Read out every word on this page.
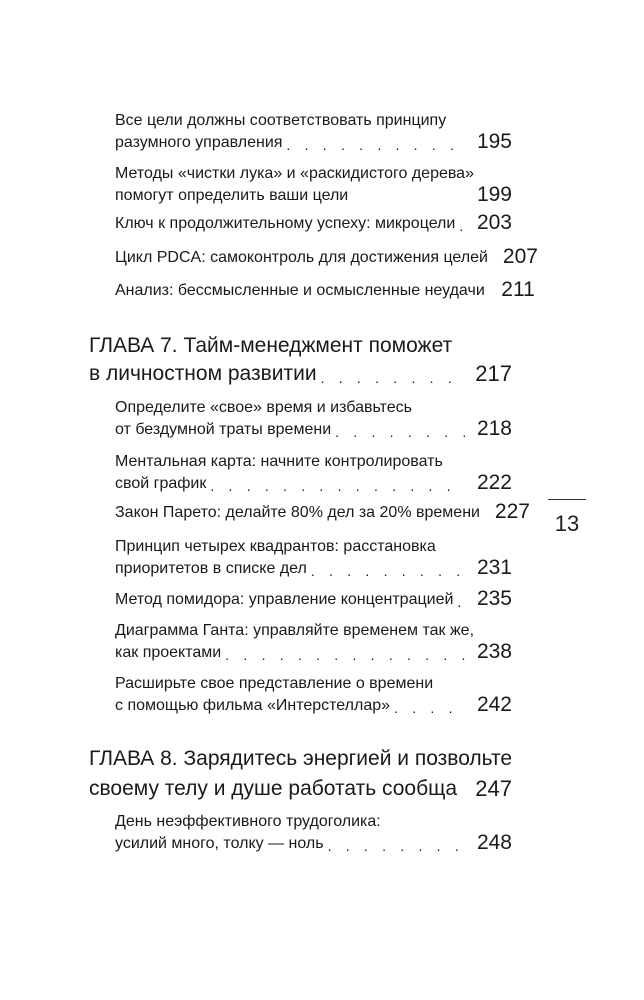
Все цели должны соответствовать принципу
разумного управления . . .	195
Методы «чистки лука» и «раскидистого дерева»
помогут определить ваши цели	199
Ключ к продолжительному успеху: микроцели . . .	203
Цикл PDCA: самоконтроль для достижения целей 207
Анализ: бессмысленные и осмысленные неудачи 211
ГЛАВА 7. Тайм-менеджмент поможет
в личностном развитии . . .	217
Определите «свое» время и избавьтесь
от бездумной траты времени . . .	218
Ментальная карта: начните контролировать
свой график . . .	222
Закон Парето: делайте 80% дел за 20% времени 227
Принцип четырех квадрантов: расстановка
приоритетов в списке дел . . .	231
Метод помидора: управление концентрацией . . .	235
Диаграмма Ганта: управляйте временем так же,
как проектами . . .	238
Расширьте свое представление о времени
с помощью фильма «Интерстеллар» . . .	242
ГЛАВА 8. Зарядитесь энергией и позвольте
своему телу и душе работать сообща . . . 247
День неэффективного трудоголика:
усилий много, толку — ноль . . .	248
13
